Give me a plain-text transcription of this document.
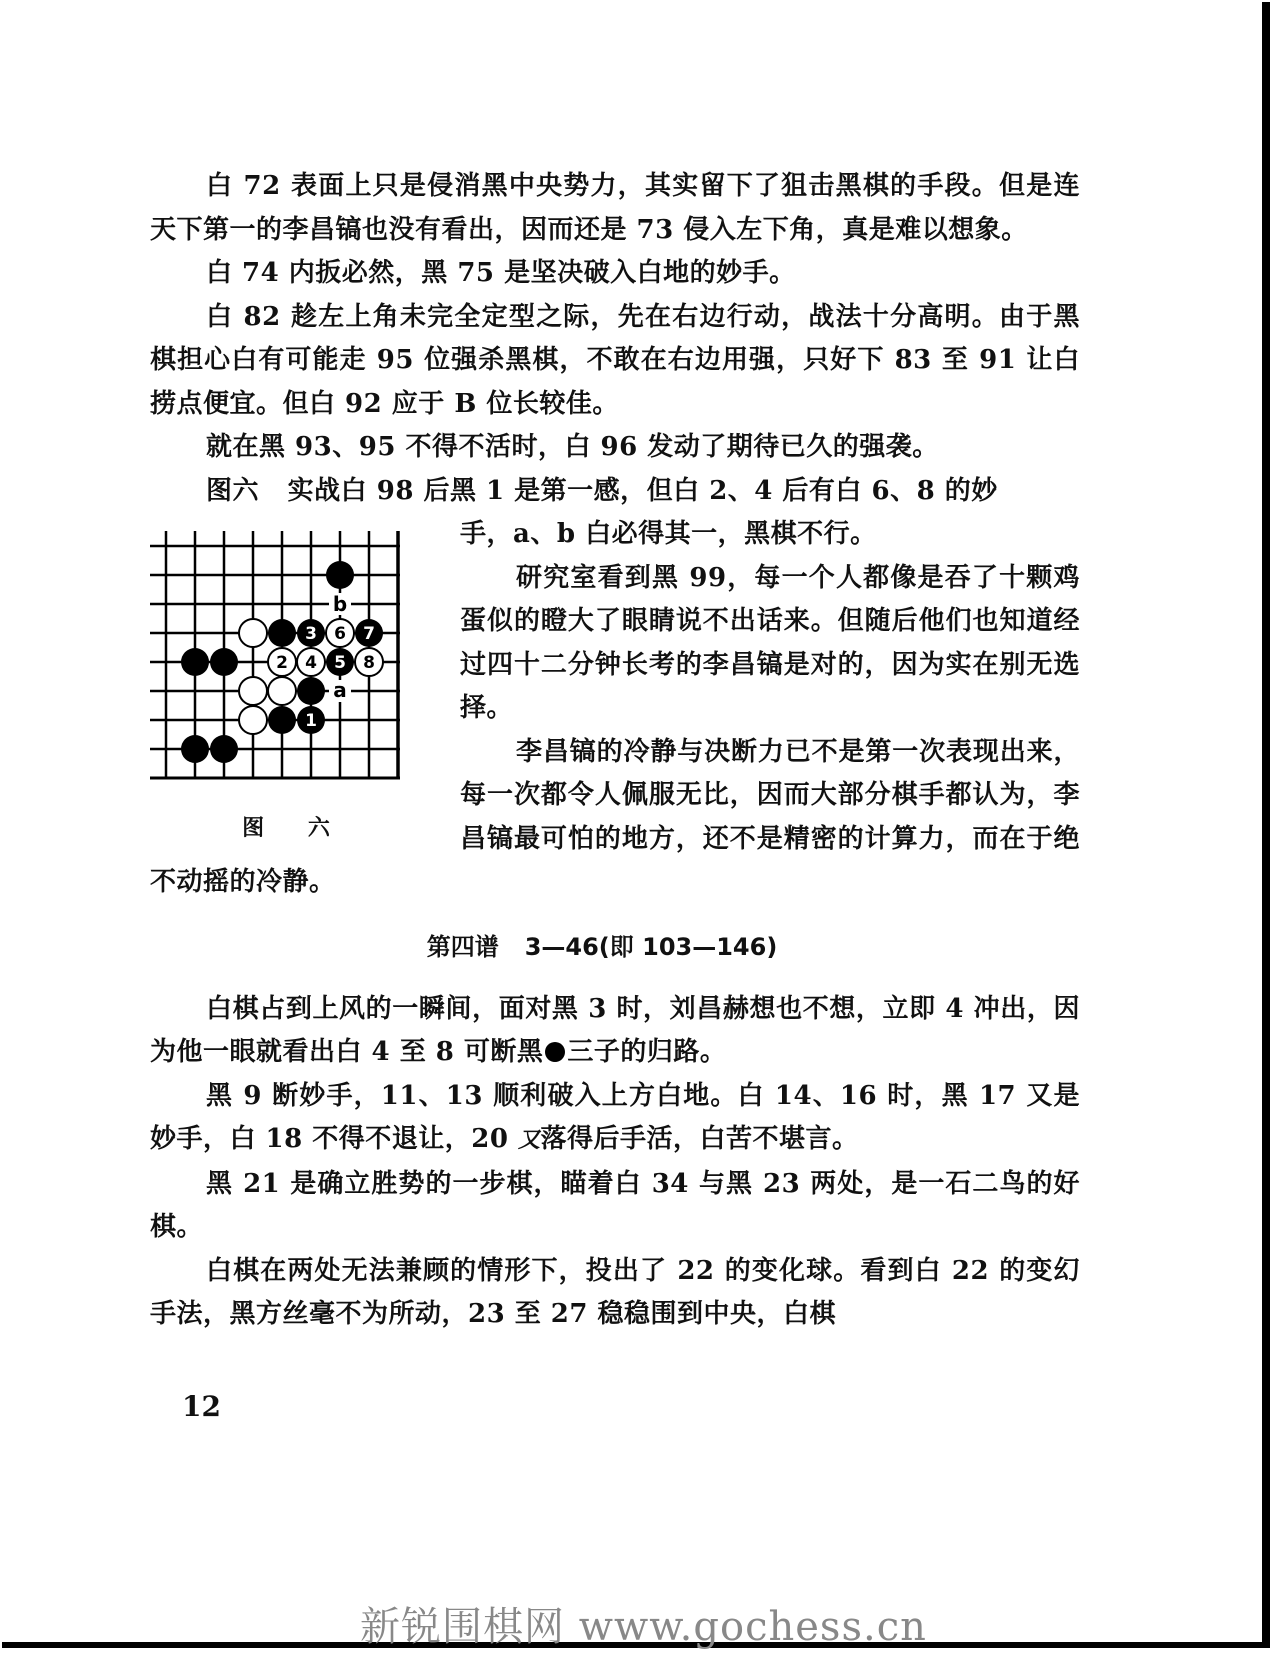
白 72 表面上只是侵消黑中央势力，其实留下了狙击黑棋的手段。但是连天下第一的李昌镐也没有看出，因而还是 73 侵入左下角，真是难以想象。

白 74 内扳必然，黑 75 是坚决破入白地的妙手。

白 82 趁左上角未完全定型之际，先在右边行动，战法十分高明。由于黑棋担心白有可能走 95 位强杀黑棋，不敢在右边用强，只好下 83 至 91 让白捞点便宜。但白 92 应于 B 位长较佳。

就在黑 93、95 不得不活时，白 96 发动了期待已久的强袭。

图六 实战白 98 后黑 1 是第一感，但白 2、4 后有白 6、8 的妙

3 6 7
2 4 5 8
1
b
a
图 六

手，a、b 白必得其一，黑棋不行。

研究室看到黑 99，每一个人都像是吞了十颗鸡蛋似的瞪大了眼睛说不出话来。但随后他们也知道经过四十二分钟长考的李昌镐是对的，因为实在别无选择。

李昌镐的冷静与决断力已不是第一次表现出来，每一次都令人佩服无比，因而大部分棋手都认为，李昌镐最可怕的地方，还不是精密的计算力，而在于绝不动摇的冷静。

第四谱 3—46(即 103—146)

白棋占到上风的一瞬间，面对黑 3 时，刘昌赫想也不想，立即 4 冲出，因为他一眼就看出白 4 至 8 可断黑 三子的归路。

黑 9 断妙手，11、13 顺利破入上方白地。白 14、16 时，黑 17 又是妙手，白 18 不得不退让，20 又落得后手活，白苦不堪言。

黑 21 是确立胜势的一步棋，瞄着白 34 与黑 23 两处，是一石二鸟的好棋。

白棋在两处无法兼顾的情形下，投出了 22 的变化球。看到白 22 的变幻手法，黑方丝毫不为所动，23 至 27 稳稳围到中央，白棋

12
新锐围棋网 www.gochess.cn
